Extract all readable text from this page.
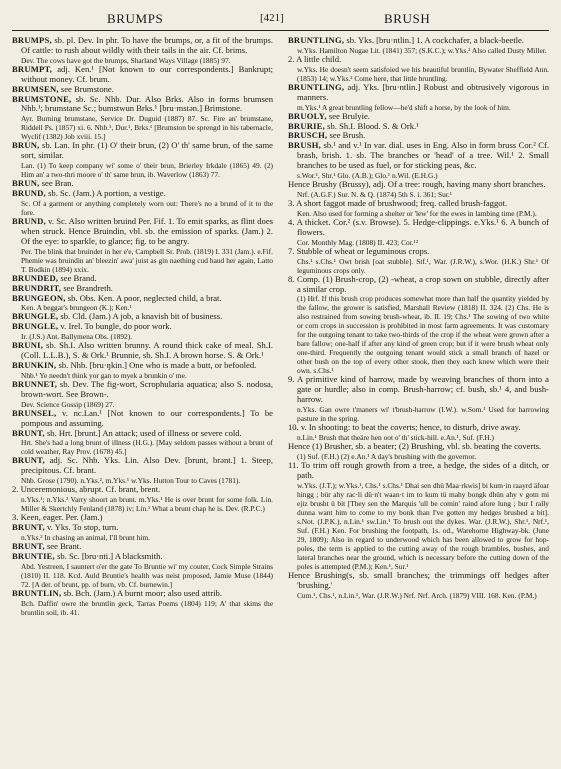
BRUMPS	[421]	BRUSH

BRUMPS, sb. pl. Dev. In phr. To have the brumps, or, a fit of the brumps. Of cattle: to rush about wildly with their tails in the air. Cf. brims.
Dev. The cows have got the brumps, Sharland Ways Village (1885) 97.

BRUMPT, adj. Ken.¹ [Not known to our correspondents.] Bankrupt; without money. Cf. brum.

BRUMSEN, see Brumstone.

BRUMSTONE, sb. Sc. Nhb. Dur. Also Brks. Also in forms brumsen Nhb.¹; brumstane Sc.; bumstwun Brks.¹ [bru·mstən.] Brimstone.
Ayr. Burning brumstane, Service Dr. Duguid (1887) 87. Sc. Fire an' brumstane, Riddell Ps. (1857) xi. 6. Nhb.¹, Dur.¹, Brks.¹ [Brumston be sprengd in his tabernacle, Wyclif (1382) Job xviii. 15.]

BRUN, sb. Lan. In phr. (1) O' their brun, (2) O' th' same brun, of the same sort, similar.
Lan. (1) To keep company wi' some o' their brun, Brierley Irkdale (1865) 49. (2) Him an' a two-thri moore o' th' same brun, ib. Waverlow (1863) 77.

BRUN, see Bran.

BRUND, sb. Sc. (Jam.) A portion, a vestige.
Sc. Of a garment or anything completely worn out: There's no a brund of it to the fore.

BRUND, v. Sc. Also written bruind Per. Fif. 1. To emit sparks, as flint does when struck. Hence Bruindin, vbl. sb. the emission of sparks. (Jam.) 2. Of the eye: to sparkle, to glance; fig. to be angry.
Per. The blink that bruindet in her e'e, Campbell Sr. Prob. (1819) I. 331 (Jam.). e.Fif. Phemie was bruindin an' bleezin' awa' juist as gin naething cud haud her again, Latto T. Bodkin (1894) xxix.

BRUNDED, see Brand.

BRUNDRIT, see Brandreth.

BRUNGEON, sb. Obs. Ken. A poor, neglected child, a brat.
Ken. A beggar's brungeon (K.); Ken.¹

BRUNGLE, sb. Cld. (Jam.) A job, a knavish bit of business.

BRUNGLE, v. Irel. To bungle, do poor work.
Ir. (J.S.) Ant. Ballymena Obs. (1892).

BRUNI, sb. Sh.I. Also written brunny. A round thick cake of meal. Sh.I. (Coll. L.L.B.), S. & Ork.¹ Brunnie, sb. Sh.I. A brown horse. S. & Ork.¹

BRUNKIN, sb. Nhb. [bru·ŋkin.] One who is made a butt, or befooled.
Nhb.¹ Ye needn't think yor gan to myek a brunkin o' me.

BRUNNET, sb. Dev. The fig-wort, Scrophularia aquatica; also S. nodosa, brown-wort. See Brown-.
Dev. Science Gossip (1869) 27.

BRUNSEL, v. nc.Lan.¹ [Not known to our correspondents.] To be pompous and assuming.

BRUNT, sb. Hrt. [brunt.] An attack; used of illness or severe cold.
Hrt. She's had a long brunt of illness (H.G.). [May seldom passes without a brunt of cold weather, Ray Prov. (1678) 45.]

BRUNT, adj. Sc. Nhb. Yks. Lin. Also Dev. [brunt, brənt.] 1. Steep, precipitous. Cf. brant.
Nhb. Grose (1790). n.Yks.², m.Yks.¹ w.Yks. Hutton Tour to Caves (1781).

2. Unceremonious, abrupt. Cf. brant, brent.
n.Yks.¹; n.Yks.² Varry shoort an brunt. m.Yks.¹ He is over brunt for some folk. Lin. Miller & Skertchly Fenland (1878) iv; Lin.¹ What a brunt chap he is. Dev. (R.P.C.)

3. Keen, eager. Per. (Jam.)

BRUNT, v. Yks. To stop, turn.
n.Yks.² In chasing an animal, I'll brunt him.

BRUNT, see Brant.

BRUNTIE, sb. Sc. [bru·nti.] A blacksmith.
Abd. Yestreen, I sauntert o'er the gate To Bruntie wi' my couter, Cock Simple Strains (1810) II. 118. Kcd. Auld Bruntie's health was neist proposed, Jamie Muse (1844) 72. [A der. of brunt, pp. of burn, vb. Cf. burnewin.]

BRUNTLIN, sb. Bch. (Jam.) A burnt moor; also used attrib.
Bch. Daffin' owre the bruntlin geck, Tarras Poems (1804) 119; A' that skims the bruntlin soil, ib. 41.

BRUNTLING, sb. Yks. [bru·ntlin.] 1. A cockchafer, a black-beetle.
w.Yks. Hamilton Nugae Lit. (1841) 357; (S.K.C.); w.Yks.² Also called Dusty Miller.

2. A little child.
w.Yks. He doesn't seem satisfoied we his beautiful bruntlin, Bywater Sheffield Ann. (1853) 14; w.Yks.² Come here, that little bruntling.

BRUNTLING, adj. Yks. [bru·ntlin.] Robust and obtrusively vigorous in manners.
m.Yks.¹ A great bruntling fellow—he'd shift a horse, by the look of him.

BRUOLY, see Brulyie.

BRURIE, sb. Sh.I. Blood. S. & Ork.¹

BRUSCH, see Brush.

BRUSH, sb.¹ and v.¹ In var. dial. uses in Eng. Also in form bruss Cor.² Cf. brash, brish. 1. sb. The branches or 'head' of a tree. Wil.¹ 2. Small branches to be used as fuel, or for sticking peas, &c.
s.Wor.¹, Shr.¹ Glo. (A.B.); Glo.¹ n.Wil. (E.H.G.)

Hence Brushy (Brussy), adj. Of a tree: rough, having many short branches.
Nrf. (A.G.F.) Sur. N. & Q. (1874) 5th S. i. 361; Sur.¹

3. A short faggot made of brushwood; freq. called brush-faggot.
Ken. Also used for forming a shelter or 'lew' for the ewes in lambing time (P.M.).

4. A thicket. Cor.² (s.v. Browse). 5. Hedge-clippings. e.Yks.¹ 6. A bunch of flowers.
Cor. Monthly Mag. (1808) II. 423; Cor.¹²

7. Stubble of wheat or leguminous crops.
Chs.¹ s.Chs.¹ Owt brish [oat stubble]. Stf.¹, War. (J.R.W.), s.Wor. (H.K.) Shr.¹ Of leguminous crops only.

8. Comp. (1) Brush-crop, (2) -wheat, a crop sown on stubble, directly after a similar crop.
(1) Hrf. If this brush crop produces somewhat more than half the quantity yielded by the fallow, the grower is satisfied, Marshall Review (1818) II. 324. (2) Chs. He is also restrained from sowing brush-wheat, ib. II. 19; Chs.¹ The sowing of two white or corn crops in succession is prohibited in most farm agreements. It was customary for the outgoing tenant to take two-thirds of the crop if the wheat were grown after a bare fallow; one-half if after any kind of green crop; but if it were brush wheat only one-third. Frequently the outgoing tenant would stick a small branch of hazel or other bush on the top of every other stook, then they each knew which were their own. s.Chs.¹

9. A primitive kind of harrow, made by weaving branches of thorn into a gate or hurdle; also in comp. Brush-harrow; cf. bush, sb.¹ 4, and bush-harrow.
n.Yks. Gan owre t'maners wi' t'brush-harrow (I.W.). w.Som.¹ Used for harrowing pasture in the spring.

10. v. In shooting: to beat the coverts; hence, to disturb, drive away.
n.Lin.¹ Brush that theäre hen oot o' th' stick-hill. e.An.¹, Suf. (F.H.)

Hence (1) Brusher, sb. a beater; (2) Brushing, vbl. sb. beating the coverts.
(1) Suf. (F.H.) (2) e.An.¹ A day's brushing with the governor.

11. To trim off rough growth from a tree, a hedge, the sides of a ditch, or path.
w.Yks. (J.T.); w.Yks.¹, Chs.¹ s.Chs.¹ Dhai sen dhü Maa·rkwis] bi kum·in raayrd äfoar hingg ; bür ahy rac·li dü·n't waan·t im to kum tü mahy bongk dhün ahy v gotn mi ejiz brusht ü bit [They sen the Marquis 'ull be comin' raind afore lung ; bur I rally dunna want him to come to my bonk than I've gotten my hedges brushed a bit]. s.Not. (J.P.K.), n.Lin.¹ sw.Lin.¹ To brush out the dykes. War. (J.R.W.), Shr.¹, Nrf.¹, Suf. (F.H.) Ken. For brushing the footpath, 1s. od., Warehorne Highway-bk. (June 29, 1809); Also in regard to underwood which has been allowed to grow for hop-poles, the term is applied to the cutting away of the rough brambles, bushes, and lateral branches near the ground, which is necessary before the cutting down of the poles is attempted (P.M.); Ken.¹, Sur.¹

Hence Brushing(s, sb. small branches; the trimmings off hedges after 'brushing.'
Cum.¹, Chs.¹, n.Lin.¹, War. (J.R.W.) Nrf. Nrf. Arch. (1879) VIII. 168. Ken. (P.M.)
